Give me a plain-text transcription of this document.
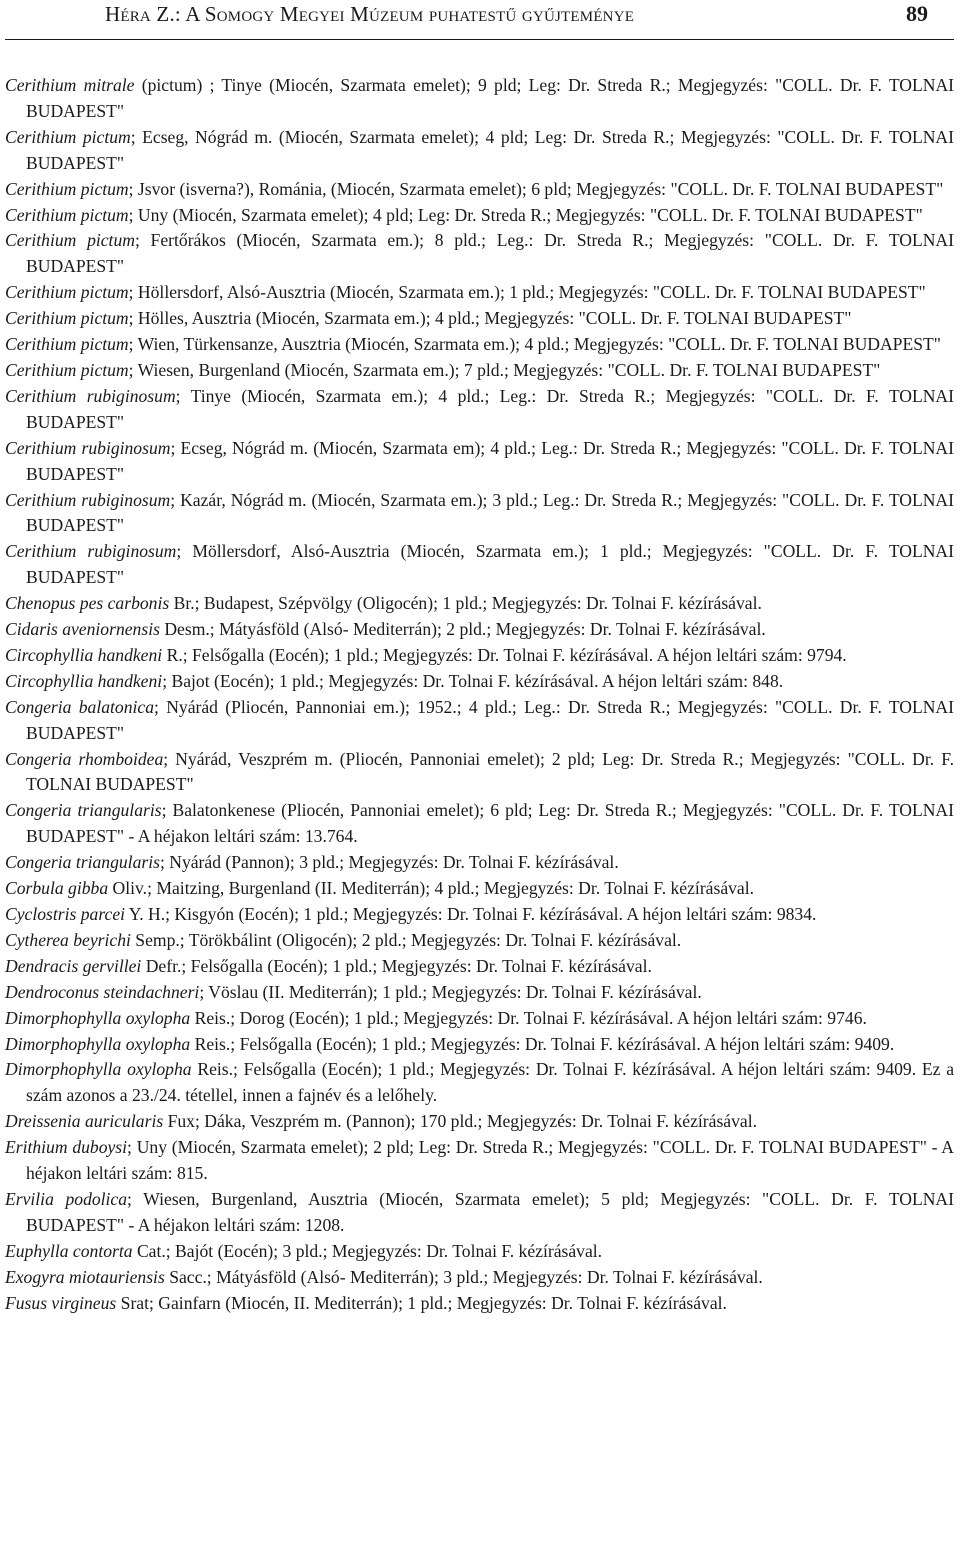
Héra Z.: A Somogy Megyei Múzeum puhatestű gyűjteménye	89

Cerithium mitrale (pictum) ; Tinye (Miocén, Szarmata emelet); 9 pld; Leg: Dr. Streda R.; Megjegyzés: "COLL. Dr. F. TOLNAI BUDAPEST"

Cerithium pictum; Ecseg, Nógrád m. (Miocén, Szarmata emelet); 4 pld; Leg: Dr. Streda R.; Megjegyzés: "COLL. Dr. F. TOLNAI BUDAPEST"

Cerithium pictum; Jsvor (isverna?), Románia, (Miocén, Szarmata emelet); 6 pld; Megjegyzés: "COLL. Dr. F. TOLNAI BUDAPEST"

Cerithium pictum; Uny (Miocén, Szarmata emelet); 4 pld; Leg: Dr. Streda R.; Megjegyzés: "COLL. Dr. F. TOLNAI BUDAPEST"

Cerithium pictum; Fertőrákos (Miocén, Szarmata em.); 8 pld.; Leg.: Dr. Streda R.; Megjegyzés: "COLL. Dr. F. TOLNAI BUDAPEST"

Cerithium pictum; Höllersdorf, Alsó-Ausztria (Miocén, Szarmata em.); 1 pld.; Megjegyzés: "COLL. Dr. F. TOLNAI BUDAPEST"

Cerithium pictum; Hölles, Ausztria (Miocén, Szarmata em.); 4 pld.; Megjegyzés: "COLL. Dr. F. TOLNAI BUDAPEST"

Cerithium pictum; Wien, Türkensanze, Ausztria (Miocén, Szarmata em.); 4 pld.; Megjegyzés: "COLL. Dr. F. TOLNAI BUDAPEST"

Cerithium pictum; Wiesen, Burgenland (Miocén, Szarmata em.); 7 pld.; Megjegyzés: "COLL. Dr. F. TOLNAI BUDAPEST"

Cerithium rubiginosum; Tinye (Miocén, Szarmata em.); 4 pld.; Leg.: Dr. Streda R.; Megjegyzés: "COLL. Dr. F. TOLNAI BUDAPEST"

Cerithium rubiginosum; Ecseg, Nógrád m. (Miocén, Szarmata em); 4 pld.; Leg.: Dr. Streda R.; Megjegyzés: "COLL. Dr. F. TOLNAI BUDAPEST"

Cerithium rubiginosum; Kazár, Nógrád m. (Miocén, Szarmata em.); 3 pld.; Leg.: Dr. Streda R.; Megjegyzés: "COLL. Dr. F. TOLNAI BUDAPEST"

Cerithium rubiginosum; Möllersdorf, Alsó-Ausztria (Miocén, Szarmata em.); 1 pld.; Megjegyzés: "COLL. Dr. F. TOLNAI BUDAPEST"

Chenopus pes carbonis Br.; Budapest, Szépvölgy (Oligocén); 1 pld.; Megjegyzés: Dr. Tolnai F. kézírásával.

Cidaris aveniornensis Desm.; Mátyásföld (Alsó- Mediterrán); 2 pld.; Megjegyzés: Dr. Tolnai F. kézírásával.

Circophyllia handkeni R.; Felsőgalla (Eocén); 1 pld.; Megjegyzés: Dr. Tolnai F. kézírásával. A héjon leltári szám: 9794.

Circophyllia handkeni; Bajot (Eocén); 1 pld.; Megjegyzés: Dr. Tolnai F. kézírásával. A héjon leltári szám: 848.

Congeria balatonica; Nyárád (Pliocén, Pannoniai em.); 1952.; 4 pld.; Leg.: Dr. Streda R.; Megjegyzés: "COLL. Dr. F. TOLNAI BUDAPEST"

Congeria rhomboidea; Nyárád, Veszprém m. (Pliocén, Pannoniai emelet); 2 pld; Leg: Dr. Streda R.; Megjegyzés: "COLL. Dr. F. TOLNAI BUDAPEST"

Congeria triangularis; Balatonkenese (Pliocén, Pannoniai emelet); 6 pld; Leg: Dr. Streda R.; Megjegyzés: "COLL. Dr. F. TOLNAI BUDAPEST" - A héjakon leltári szám: 13.764.

Congeria triangularis; Nyárád (Pannon); 3 pld.; Megjegyzés: Dr. Tolnai F. kézírásával.

Corbula gibba Oliv.; Maitzing, Burgenland (II. Mediterrán); 4 pld.; Megjegyzés: Dr. Tolnai F. kézírásával.

Cyclostris parcei Y. H.; Kisgyón (Eocén); 1 pld.; Megjegyzés: Dr. Tolnai F. kézírásával. A héjon leltári szám: 9834.

Cytherea beyrichi Semp.; Törökbálint (Oligocén); 2 pld.; Megjegyzés: Dr. Tolnai F. kézírásával.

Dendracis gervillei Defr.; Felsőgalla (Eocén); 1 pld.; Megjegyzés: Dr. Tolnai F. kézírásával.

Dendroconus steindachneri; Vöslau (II. Mediterrán); 1 pld.; Megjegyzés: Dr. Tolnai F. kézírásával.

Dimorphophylla oxylopha Reis.; Dorog (Eocén); 1 pld.; Megjegyzés: Dr. Tolnai F. kézírásával. A héjon leltári szám: 9746.

Dimorphophylla oxylopha Reis.; Felsőgalla (Eocén); 1 pld.; Megjegyzés: Dr. Tolnai F. kézírásával. A héjon leltári szám: 9409.

Dimorphophylla oxylopha Reis.; Felsőgalla (Eocén); 1 pld.; Megjegyzés: Dr. Tolnai F. kézírásával. A héjon leltári szám: 9409. Ez a szám azonos a 23./24. tétellel, innen a fajnév és a lelőhely.

Dreissenia auricularis Fux; Dáka, Veszprém m. (Pannon); 170 pld.; Megjegyzés: Dr. Tolnai F. kézírásával.

Erithium duboysi; Uny (Miocén, Szarmata emelet); 2 pld; Leg: Dr. Streda R.; Megjegyzés: "COLL. Dr. F. TOLNAI BUDAPEST" - A héjakon leltári szám: 815.

Ervilia podolica; Wiesen, Burgenland, Ausztria (Miocén, Szarmata emelet); 5 pld; Megjegyzés: "COLL. Dr. F. TOLNAI BUDAPEST" - A héjakon leltári szám: 1208.

Euphylla contorta Cat.; Bajót (Eocén); 3 pld.; Megjegyzés: Dr. Tolnai F. kézírásával.

Exogyra miotauriensis Sacc.; Mátyásföld (Alsó- Mediterrán); 3 pld.; Megjegyzés: Dr. Tolnai F. kézírásával.

Fusus virgineus Srat; Gainfarn (Miocén, II. Mediterrán); 1 pld.; Megjegyzés: Dr. Tolnai F. kézírásával.
